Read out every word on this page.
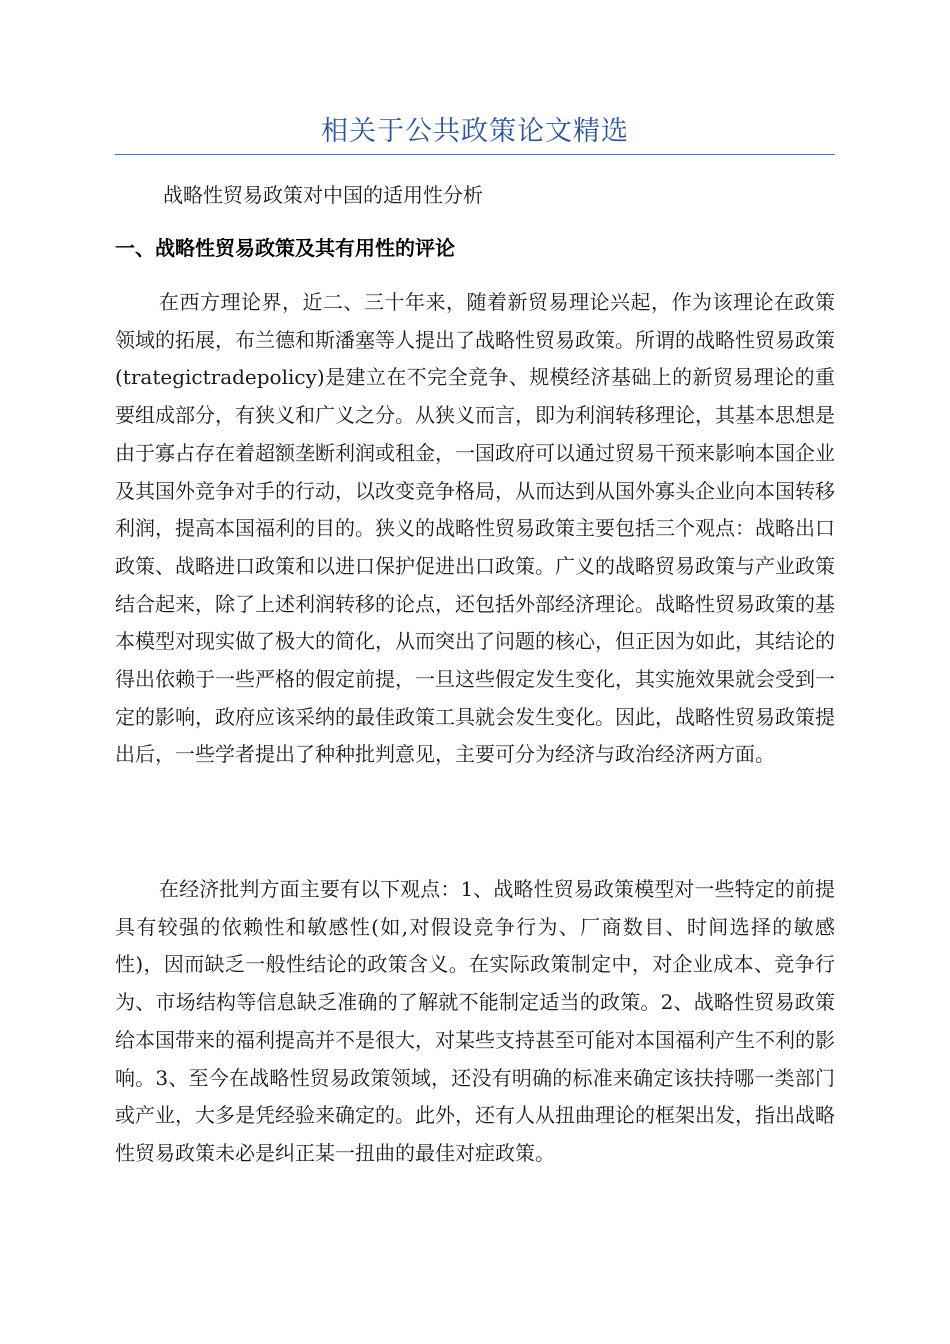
相关于公共政策论文精选
战略性贸易政策对中国的适用性分析
一、战略性贸易政策及其有用性的评论

在西方理论界，近二、三十年来，随着新贸易理论兴起，作为该理论在政策领域的拓展，布兰德和斯潘塞等人提出了战略性贸易政策。所谓的战略性贸易政策(trategictradepolicy)是建立在不完全竞争、规模经济基础上的新贸易理论的重要组成部分，有狭义和广义之分。从狭义而言，即为利润转移理论，其基本思想是由于寡占存在着超额垄断利润或租金，一国政府可以通过贸易干预来影响本国企业及其国外竞争对手的行动，以改变竞争格局，从而达到从国外寡头企业向本国转移利润，提高本国福利的目的。狭义的战略性贸易政策主要包括三个观点：战略出口政策、战略进口政策和以进口保护促进出口政策。广义的战略贸易政策与产业政策结合起来，除了上述利润转移的论点，还包括外部经济理论。战略性贸易政策的基本模型对现实做了极大的简化，从而突出了问题的核心，但正因为如此，其结论的得出依赖于一些严格的假定前提，一旦这些假定发生变化，其实施效果就会受到一定的影响，政府应该采纳的最佳政策工具就会发生变化。因此，战略性贸易政策提出后，一些学者提出了种种批判意见，主要可分为经济与政治经济两方面。

在经济批判方面主要有以下观点：1、战略性贸易政策模型对一些特定的前提具有较强的依赖性和敏感性(如,对假设竞争行为、厂商数目、时间选择的敏感性)，因而缺乏一般性结论的政策含义。在实际政策制定中，对企业成本、竞争行为、市场结构等信息缺乏准确的了解就不能制定适当的政策。2、战略性贸易政策给本国带来的福利提高并不是很大，对某些支持甚至可能对本国福利产生不利的影响。3、至今在战略性贸易政策领域，还没有明确的标准来确定该扶持哪一类部门或产业，大多是凭经验来确定的。此外，还有人从扭曲理论的框架出发，指出战略性贸易政策未必是纠正某一扭曲的最佳对症政策。
